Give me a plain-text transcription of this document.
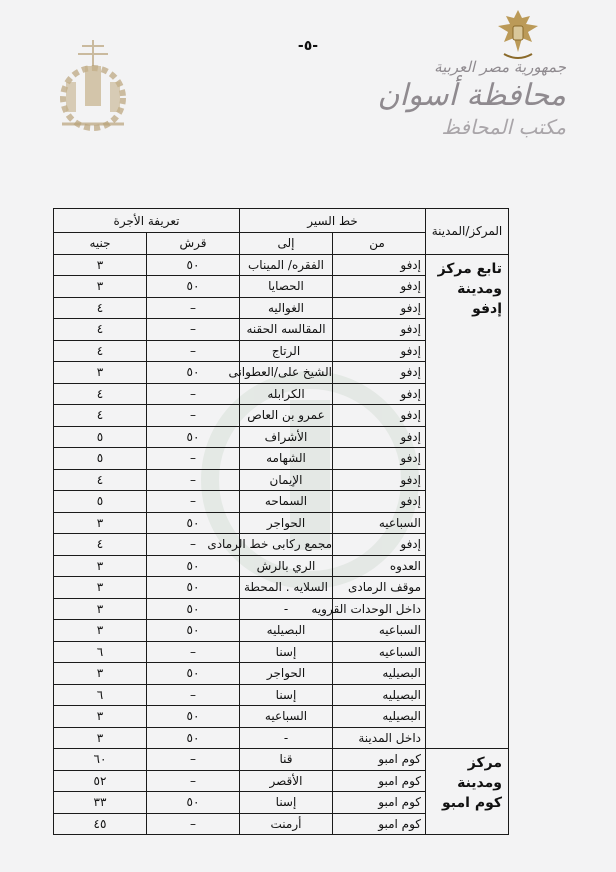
-٥-
جمهورية مصر العربية
محافظة أسوان
مكتب المحافظ
المركز/المدينة	خط السير		تعريفة الأجرة	
	من	إلى	قرش	جنيه

تابع مركز ومدينة إدفو	إدفو	الفقره/ الميناب	٥٠	٣
	إدفو	الحصايا	٥٠	٣
	إدفو	الغواليه	–	٤
	إدفو	المقالسه الحقنه	–	٤
	إدفو	الرتاج	–	٤
	إدفو	الشيخ على/العطوانى	٥٠	٣
	إدفو	الكرابله	–	٤
	إدفو	عمرو بن العاص	–	٤
	إدفو	الأشراف	٥٠	٥
	إدفو	الشهامه	–	٥
	إدفو	الإيمان	–	٤
	إدفو	السماحه	–	٥
	السباعيه	الحواجر	٥٠	٣
	إدفو	مجمع ركابى خط الرمادى	–	٤
	العدوه	الري بالرش	٥٠	٣
	موقف الرمادى	السلايه . المحطة	٥٠	٣
	داخل الوحدات القرويه	-	٥٠	٣
	السباعيه	البصيليه	٥٠	٣
	السباعيه	إسنا	–	٦
	البصيليه	الحواجر	٥٠	٣
	البصيليه	إسنا	–	٦
	البصيليه	السباعيه	٥٠	٣
	داخل المدينة	-	٥٠	٣

مركز ومدينة كوم امبو	كوم امبو	قنا	–	٦٠
	كوم امبو	الأقصر	–	٥٢
	كوم امبو	إسنا	٥٠	٣٣
	كوم امبو	أرمنت	–	٤٥
